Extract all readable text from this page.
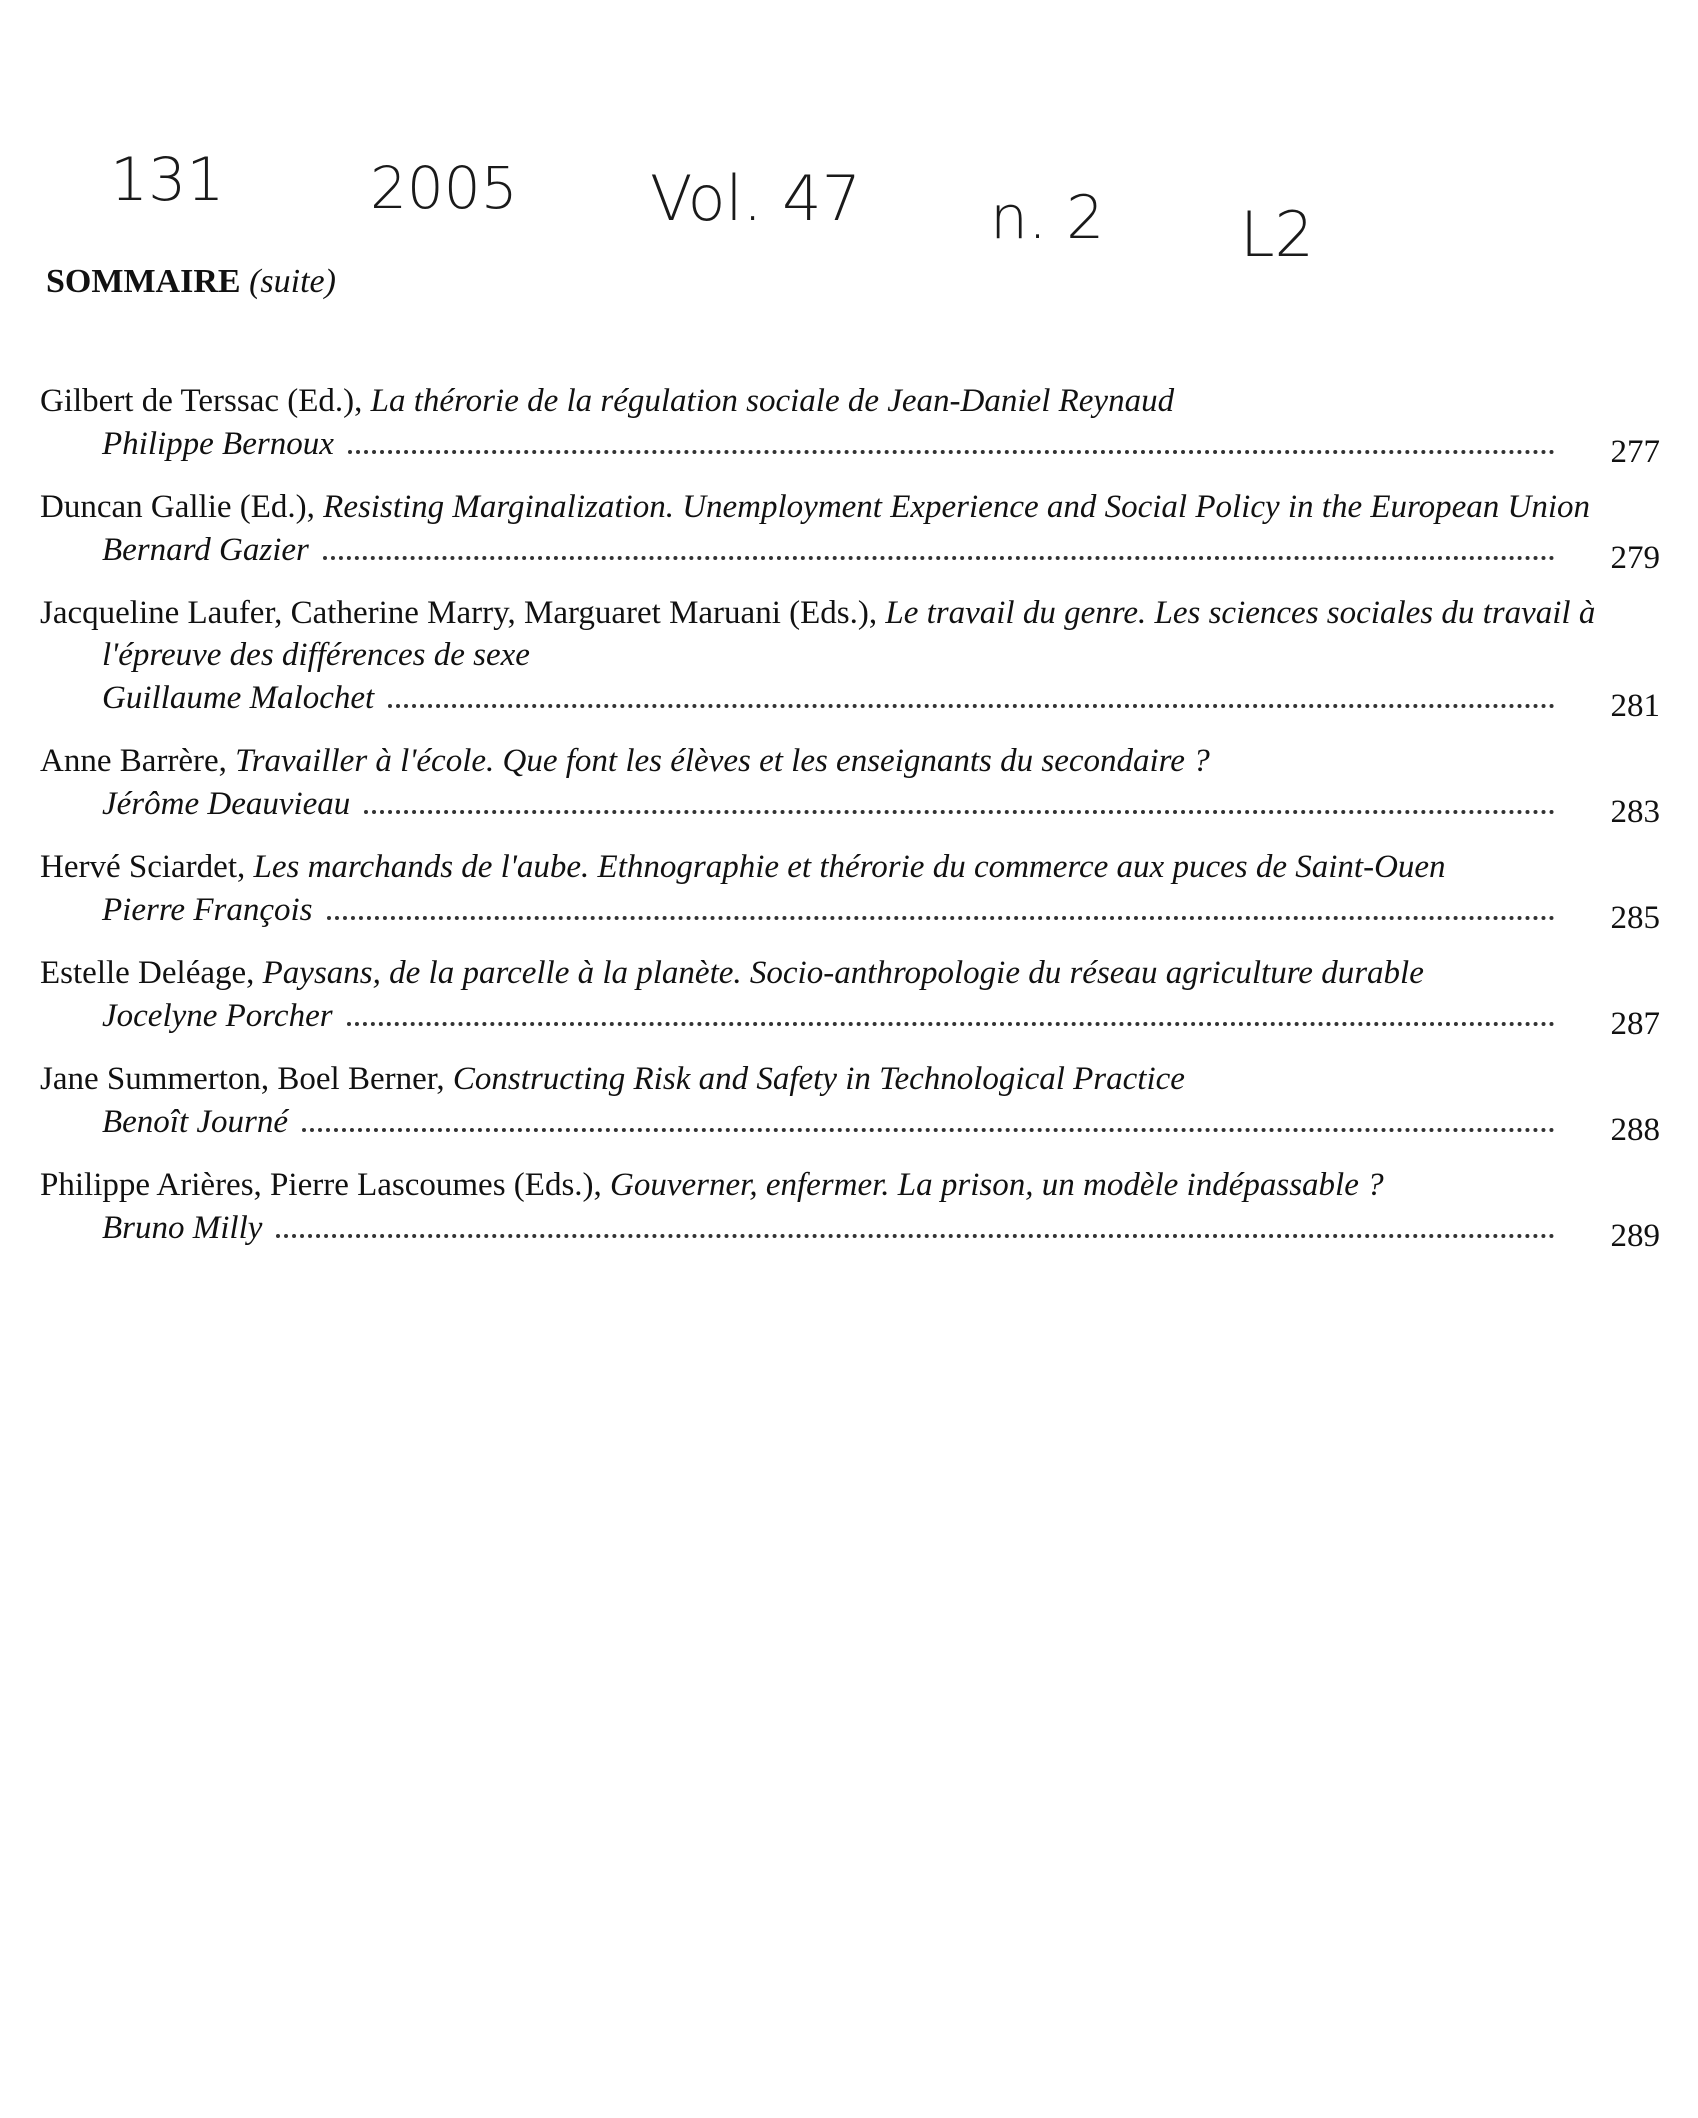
131	2005 Vol. 47 n. 2 L2
SOMMAIRE (suite)
Gilbert de Terssac (Ed.), La thérorie de la régulation sociale de Jean-Daniel Reynaud
Philippe Bernoux	277
Duncan Gallie (Ed.), Resisting Marginalization. Unemployment Experience and Social Policy in the European Union
Bernard Gazier	279
Jacqueline Laufer, Catherine Marry, Marguaret Maruani (Eds.), Le travail du genre. Les sciences sociales du travail à l'épreuve des différences de sexe
Guillaume Malochet	281
Anne Barrère, Travailler à l'école. Que font les élèves et les enseignants du secondaire ?
Jérôme Deauvieau	283
Hervé Sciardet, Les marchands de l'aube. Ethnographie et thérorie du commerce aux puces de Saint-Ouen
Pierre François	285
Estelle Deléage, Paysans, de la parcelle à la planète. Socio-anthropologie du réseau agriculture durable
Jocelyne Porcher	287
Jane Summerton, Boel Berner, Constructing Risk and Safety in Technological Practice
Benoît Journé	288
Philippe Arières, Pierre Lascoumes (Eds.), Gouverner, enfermer. La prison, un modèle indépassable ?
Bruno Milly	289
